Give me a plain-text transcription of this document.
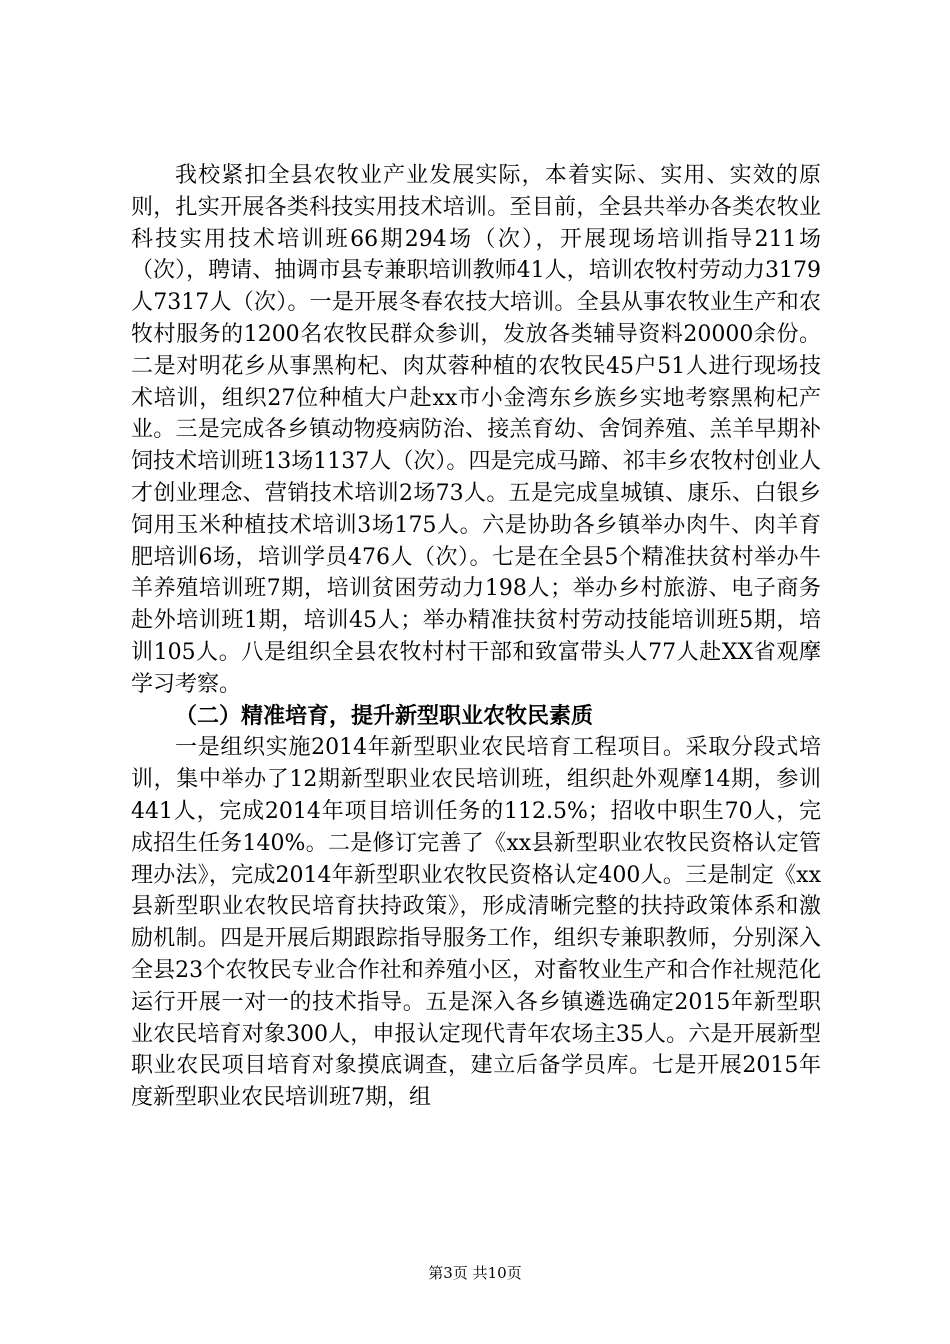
我校紧扣全县农牧业产业发展实际，本着实际、实用、实效的原则，扎实开展各类科技实用技术培训。至目前，全县共举办各类农牧业科技实用技术培训班66期294场（次），开展现场培训指导211场（次），聘请、抽调市县专兼职培训教师41人，培训农牧村劳动力3179人7317人（次）。一是开展冬春农技大培训。全县从事农牧业生产和农牧村服务的1200名农牧民群众参训，发放各类辅导资料20000余份。二是对明花乡从事黑枸杞、肉苁蓉种植的农牧民45户51人进行现场技术培训，组织27位种植大户赴xx市小金湾东乡族乡实地考察黑枸杞产业。三是完成各乡镇动物疫病防治、接羔育幼、舍饲养殖、羔羊早期补饲技术培训班13场1137人（次）。四是完成马蹄、祁丰乡农牧村创业人才创业理念、营销技术培训2场73人。五是完成皇城镇、康乐、白银乡饲用玉米种植技术培训3场175人。六是协助各乡镇举办肉牛、肉羊育肥培训6场，培训学员476人（次）。七是在全县5个精准扶贫村举办牛羊养殖培训班7期，培训贫困劳动力198人；举办乡村旅游、电子商务赴外培训班1期，培训45人；举办精准扶贫村劳动技能培训班5期，培训105人。八是组织全县农牧村村干部和致富带头人77人赴XX省观摩学习考察。

（二）精准培育，提升新型职业农牧民素质

一是组织实施2014年新型职业农民培育工程项目。采取分段式培训，集中举办了12期新型职业农民培训班，组织赴外观摩14期，参训441人，完成2014年项目培训任务的112.5%；招收中职生70人，完成招生任务140%。二是修订完善了《xx县新型职业农牧民资格认定管理办法》，完成2014年新型职业农牧民资格认定400人。三是制定《xx县新型职业农牧民培育扶持政策》，形成清晰完整的扶持政策体系和激励机制。四是开展后期跟踪指导服务工作，组织专兼职教师，分别深入全县23个农牧民专业合作社和养殖小区，对畜牧业生产和合作社规范化运行开展一对一的技术指导。五是深入各乡镇遴选确定2015年新型职业农民培育对象300人，申报认定现代青年农场主35人。六是开展新型职业农民项目培育对象摸底调查，建立后备学员库。七是开展2015年度新型职业农民培训班7期，组

第3页 共10页
